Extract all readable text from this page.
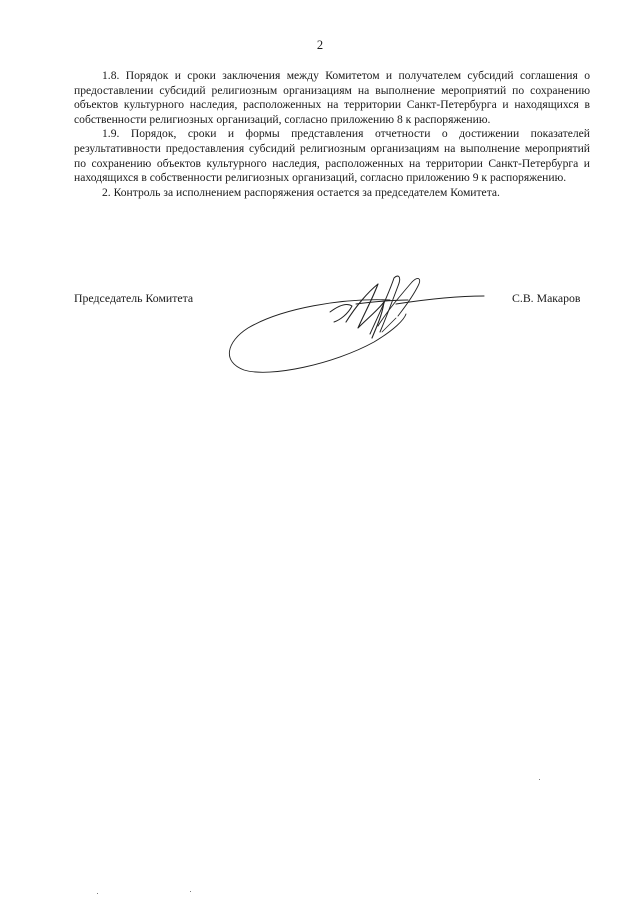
2

1.8. Порядок и сроки заключения между Комитетом и получателем субсидий соглашения о предоставлении субсидий религиозным организациям на выполнение мероприятий по сохранению объектов культурного наследия, расположенных на территории Санкт-Петербурга и находящихся в собственности религиозных организаций, согласно приложению 8 к распоряжению.

1.9. Порядок, сроки и формы представления отчетности о достижении показателей результативности предоставления субсидий религиозным организациям на выполнение мероприятий по сохранению объектов культурного наследия, расположенных на территории Санкт-Петербурга и находящихся в собственности религиозных организаций, согласно приложению 9 к распоряжению.

2. Контроль за исполнением распоряжения остается за председателем Комитета.

Председатель Комитета	С.В. Макаров
